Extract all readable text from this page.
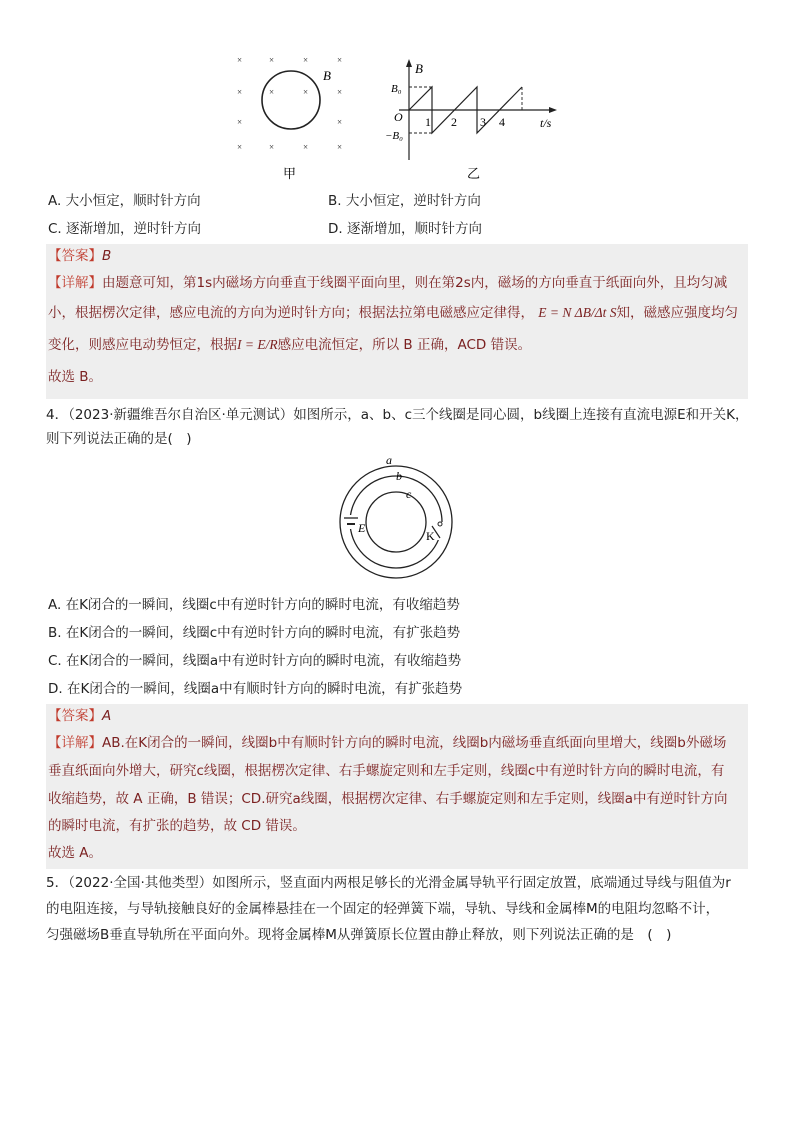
×	×	×	×
×	×	×	×
×	×
×	×	×	×
B
甲
B
t/s
O
B₀
−B₀
1 2 3 4
乙
A. 大小恒定，顺时针方向	B. 大小恒定，逆时针方向
C. 逐渐增加，逆时针方向	D. 逐渐增加，顺时针方向
【答案】B
【详解】由题意可知，第1s内磁场方向垂直于线圈平面向里，则在第2s内，磁场的方向垂直于纸面向外，且均匀减
小，根据楞次定律，感应电流的方向为逆时针方向；根据法拉第电磁感应定律得， E = N ΔB/Δt S知，磁感应强度均匀
变化，则感应电动势恒定，根据I = E/R感应电流恒定，所以 B 正确，ACD 错误。
故选 B。
4．（2023·新疆维吾尔自治区·单元测试）如图所示，a、b、c三个线圈是同心圆，b线圈上连接有直流电源E和开关K，
则下列说法正确的是(　)
a
b
c
E
K
A. 在K闭合的一瞬间，线圈c中有逆时针方向的瞬时电流，有收缩趋势
B. 在K闭合的一瞬间，线圈c中有逆时针方向的瞬时电流，有扩张趋势
C. 在K闭合的一瞬间，线圈a中有逆时针方向的瞬时电流，有收缩趋势
D. 在K闭合的一瞬间，线圈a中有顺时针方向的瞬时电流，有扩张趋势
【答案】A
【详解】AB.在K闭合的一瞬间，线圈b中有顺时针方向的瞬时电流，线圈b内磁场垂直纸面向里增大，线圈b外磁场
垂直纸面向外增大，研究c线圈，根据楞次定律、右手螺旋定则和左手定则，线圈c中有逆时针方向的瞬时电流，有
收缩趋势，故 A 正确，B 错误；CD.研究a线圈，根据楞次定律、右手螺旋定则和左手定则，线圈a中有逆时针方向
的瞬时电流，有扩张的趋势，故 CD 错误。
故选 A。
5．（2022·全国·其他类型）如图所示，竖直面内两根足够长的光滑金属导轨平行固定放置，底端通过导线与阻值为r
的电阻连接，与导轨接触良好的金属棒悬挂在一个固定的轻弹簧下端，导轨、导线和金属棒M的电阻均忽略不计，
匀强磁场B垂直导轨所在平面向外。现将金属棒M从弹簧原长位置由静止释放，则下列说法正确的是　(　)
